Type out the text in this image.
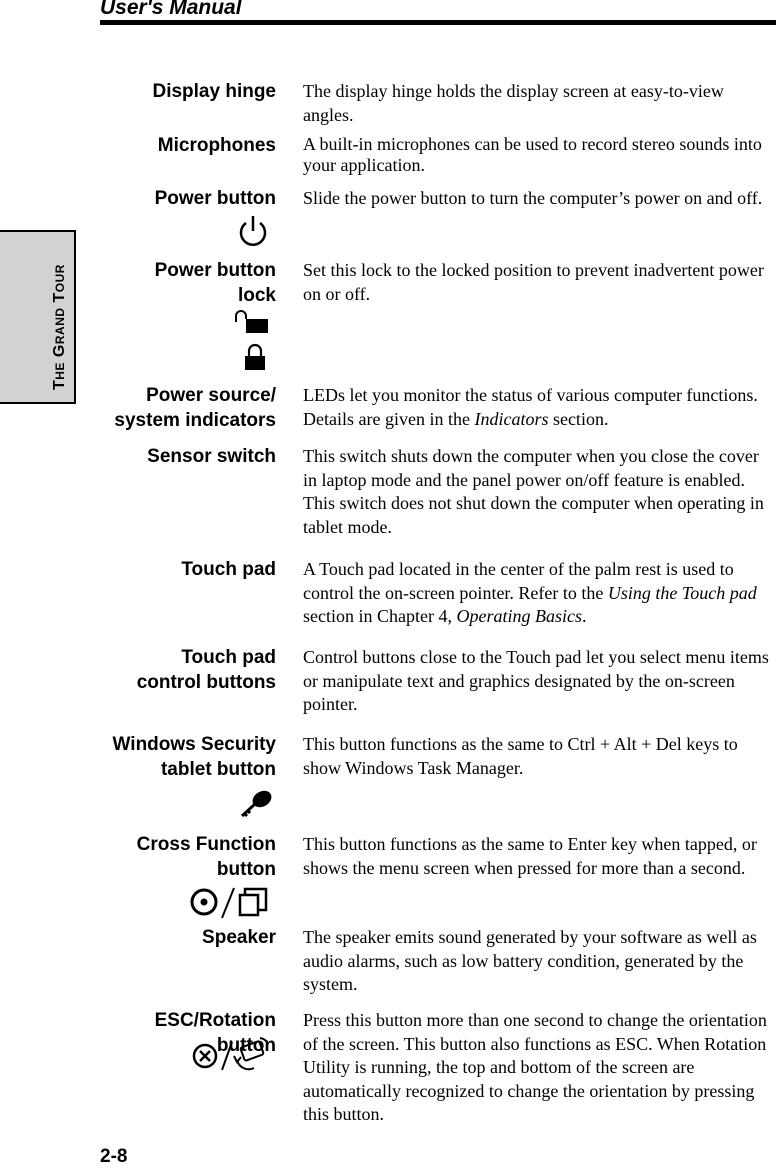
User's Manual
THE GRAND TOUR
Display hinge The display hinge holds the display screen at easy-to-view angles.
Microphones A built-in microphones can be used to record stereo sounds into your application.
Power button Slide the power button to turn the computer’s power on and off.
Power button
lock
Set this lock to the locked position to prevent inadvertent power on or off.
Power source/
system indicators
LEDs let you monitor the status of various computer functions. Details are given in the Indicators section.
Sensor switch This switch shuts down the computer when you close the cover in laptop mode and the panel power on/off feature is enabled. This switch does not shut down the computer when operating in tablet mode.
Touch pad A Touch pad located in the center of the palm rest is used to control the on-screen pointer. Refer to the Using the Touch pad section in Chapter 4, Operating Basics.
Touch pad
control buttons
Control buttons close to the Touch pad let you select menu items or manipulate text and graphics designated by the on-screen pointer.
Windows Security
tablet button
This button functions as the same to Ctrl + Alt + Del keys to show Windows Task Manager.
Cross Function
button
This button functions as the same to Enter key when tapped, or shows the menu screen when pressed for more than a second.
Speaker The speaker emits sound generated by your software as well as audio alarms, such as low battery condition, generated by the system.
ESC/Rotation
button
Press this button more than one second to change the orientation of the screen. This button also functions as ESC. When Rotation Utility is running, the top and bottom of the screen are automatically recognized to change the orientation by pressing this button.
2-8
